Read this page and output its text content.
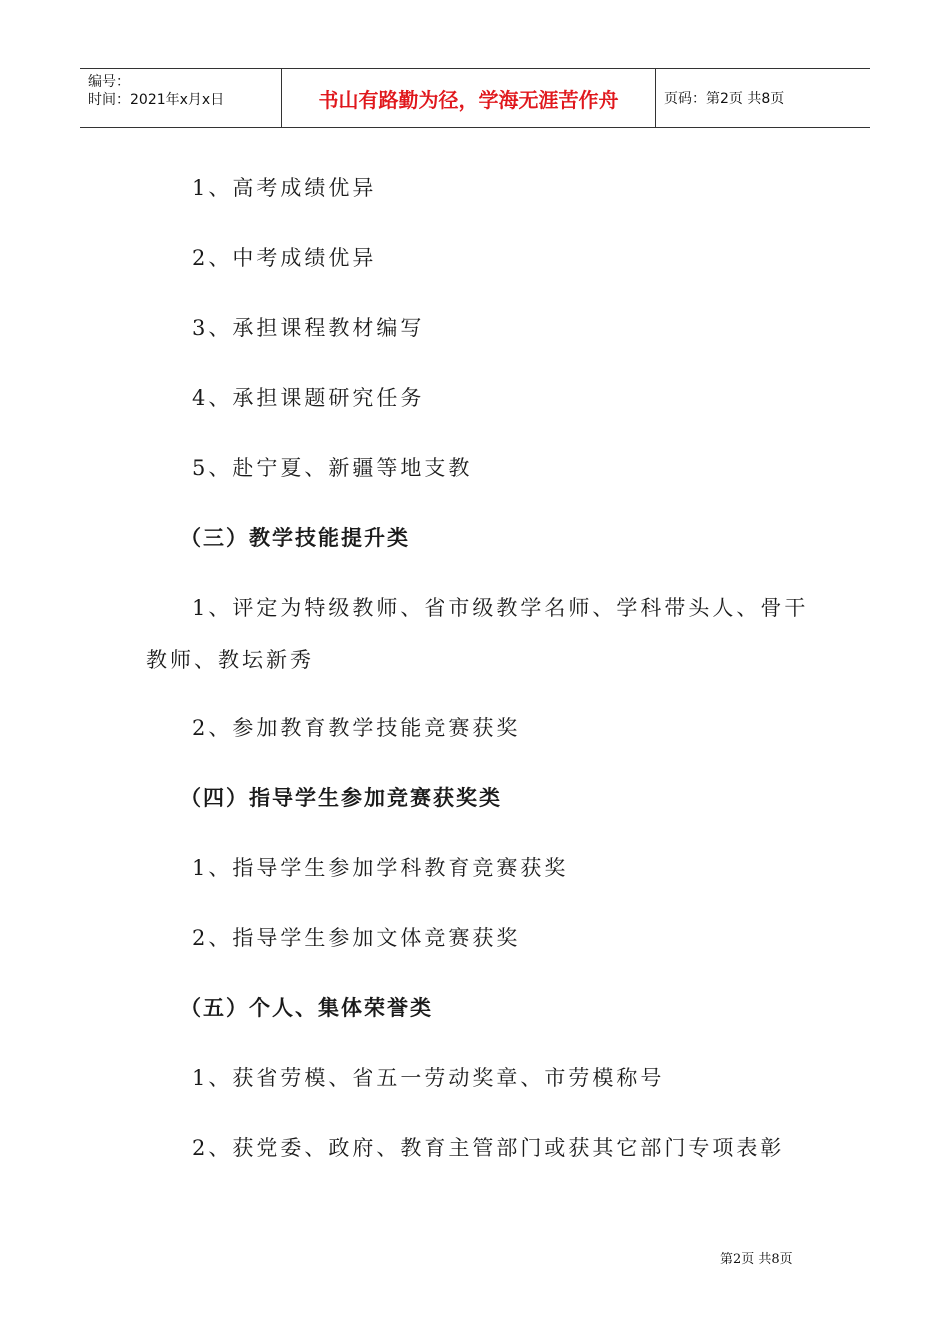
编号：
时间：2021年x月x日	书山有路勤为径，学海无涯苦作舟	页码：第2页 共8页
1、高考成绩优异
2、中考成绩优异
3、承担课程教材编写
4、承担课题研究任务
5、赴宁夏、新疆等地支教
（三）教学技能提升类
1、评定为特级教师、省市级教学名师、学科带头人、骨干教师、教坛新秀
2、参加教育教学技能竞赛获奖
（四）指导学生参加竞赛获奖类
1、指导学生参加学科教育竞赛获奖
2、指导学生参加文体竞赛获奖
（五）个人、集体荣誉类
1、获省劳模、省五一劳动奖章、市劳模称号
2、获党委、政府、教育主管部门或获其它部门专项表彰
第2页 共8页
